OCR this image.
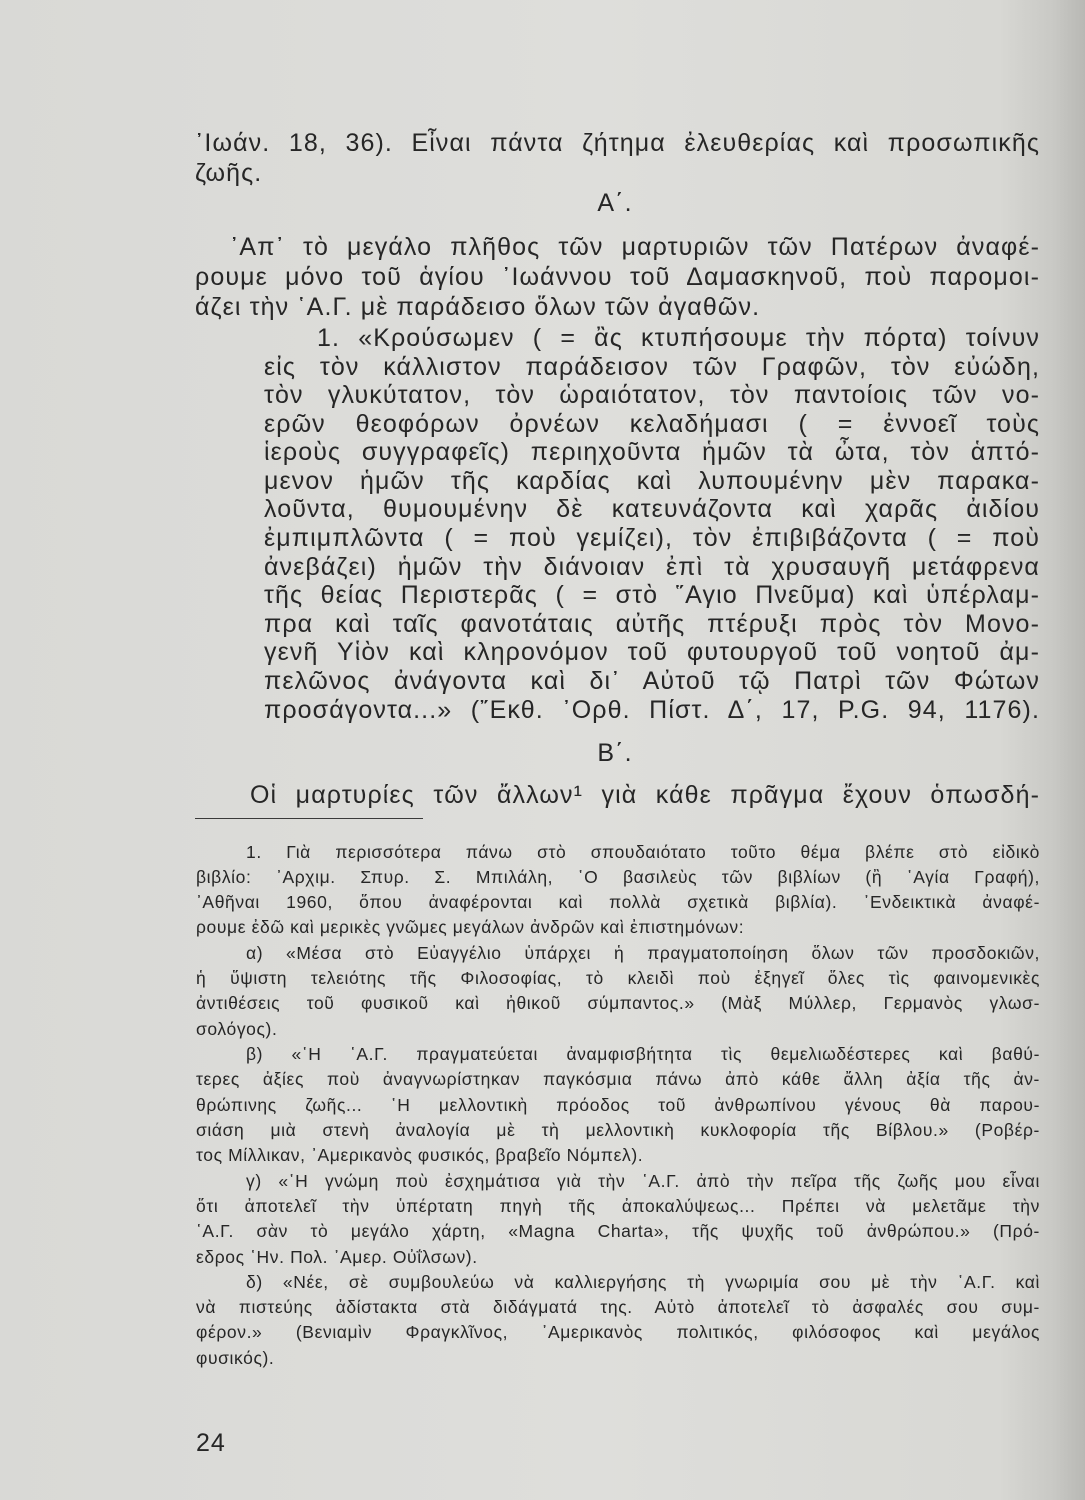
᾿Ιωάν. 18, 36). Εἶναι πάντα ζήτημα ἐλευθερίας καὶ προσωπικῆς
ζωῆς.
Α΄.
᾿Απ᾿ τὸ μεγάλο πλῆθος τῶν μαρτυριῶν τῶν Πατέρων ἀναφέ-
ρουμε μόνο τοῦ ἁγίου ᾿Ιωάννου τοῦ Δαμασκηνοῦ, ποὺ παρομοι-
άζει τὴν ῾Α.Γ. μὲ παράδεισο ὅλων τῶν ἀγαθῶν.
1. «Κρούσωμεν ( = ἂς κτυπήσουμε τὴν πόρτα) τοίνυν
εἰς τὸν κάλλιστον παράδεισον τῶν Γραφῶν, τὸν εὐώδη,
τὸν γλυκύτατον, τὸν ὡραιότατον, τὸν παντοίοις τῶν νο-
ερῶν θεοφόρων ὀρνέων κελαδήμασι ( = ἐννοεῖ τοὺς
ἱεροὺς συγγραφεῖς) περιηχοῦντα ἡμῶν τὰ ὦτα, τὸν ἁπτό-
μενον ἡμῶν τῆς καρδίας καὶ λυπουμένην μὲν παρακα-
λοῦντα, θυμουμένην δὲ κατευνάζοντα καὶ χαρᾶς ἀιδίου
ἐμπιμπλῶντα ( = ποὺ γεμίζει), τὸν ἐπιβιβάζοντα ( = ποὺ
ἀνεβάζει) ἡμῶν τὴν διάνοιαν ἐπὶ τὰ χρυσαυγῆ μετάφρενα
τῆς θείας Περιστερᾶς ( = στὸ ῞Αγιο Πνεῦμα) καὶ ὑπέρλαμ-
πρα καὶ ταῖς φανοτάταις αὐτῆς πτέρυξι πρὸς τὸν Μονο-
γενῆ Υἱὸν καὶ κληρονόμον τοῦ φυτουργοῦ τοῦ νοητοῦ ἀμ-
πελῶνος ἀνάγοντα καὶ δι᾿ Αὐτοῦ τῷ Πατρὶ τῶν Φώτων
προσάγοντα...» (῎Εκθ. ᾿Ορθ. Πίστ. Δ΄, 17, P.G. 94, 1176).
Β΄.
Οἱ μαρτυρίες τῶν ἄλλων¹ γιὰ κάθε πρᾶγμα ἔχουν ὁπωσδή-
1. Γιὰ περισσότερα πάνω στὸ σπουδαιότατο τοῦτο θέμα βλέπε στὸ εἰδικὸ
βιβλίο: ᾿Αρχιμ. Σπυρ. Σ. Μπιλάλη, ῾Ο βασιλεὺς τῶν βιβλίων (ἢ ῾Αγία Γραφή),
᾿Αθῆναι 1960, ὅπου ἀναφέρονται καὶ πολλὰ σχετικὰ βιβλία). ᾿Ενδεικτικὰ ἀναφέ-
ρουμε ἐδῶ καὶ μερικὲς γνῶμες μεγάλων ἀνδρῶν καὶ ἐπιστημόνων:
α) «Μέσα στὸ Εὐαγγέλιο ὑπάρχει ἡ πραγματοποίηση ὅλων τῶν προσδοκιῶν,
ἡ ὕψιστη τελειότης τῆς Φιλοσοφίας, τὸ κλειδὶ ποὺ ἐξηγεῖ ὅλες τὶς φαινομενικὲς
ἀντιθέσεις τοῦ φυσικοῦ καὶ ἠθικοῦ σύμπαντος.» (Μὰξ Μύλλερ, Γερμανὸς γλωσ-
σολόγος).
β) «῾Η ῾Α.Γ. πραγματεύεται ἀναμφισβήτητα τὶς θεμελιωδέστερες καὶ βαθύ-
τερες ἀξίες ποὺ ἀναγνωρίστηκαν παγκόσμια πάνω ἀπὸ κάθε ἄλλη ἀξία τῆς ἀν-
θρώπινης ζωῆς... ῾Η μελλοντικὴ πρόοδος τοῦ ἀνθρωπίνου γένους θὰ παρου-
σιάση μιὰ στενὴ ἀναλογία μὲ τὴ μελλοντικὴ κυκλοφορία τῆς Βίβλου.» (Ροβέρ-
τος Μίλλικαν, ᾿Αμερικανὸς φυσικός, βραβεῖο Νόμπελ).
γ) «῾Η γνώμη ποὺ ἐσχημάτισα γιὰ τὴν ῾Α.Γ. ἀπὸ τὴν πεῖρα τῆς ζωῆς μου εἶναι
ὅτι ἀποτελεῖ τὴν ὑπέρτατη πηγὴ τῆς ἀποκαλύψεως... Πρέπει νὰ μελετᾶμε τὴν
῾Α.Γ. σὰν τὸ μεγάλο χάρτη, «Magna Charta», τῆς ψυχῆς τοῦ ἀνθρώπου.» (Πρό-
εδρος ῾Ην. Πολ. ᾿Αμερ. Οὐΐλσων).
δ) «Νέε, σὲ συμβουλεύω νὰ καλλιεργήσης τὴ γνωριμία σου μὲ τὴν ῾Α.Γ. καὶ
νὰ πιστεύης ἀδίστακτα στὰ διδάγματά της. Αὐτὸ ἀποτελεῖ τὸ ἀσφαλές σου συμ-
φέρον.» (Βενιαμὶν Φραγκλῖνος, ᾿Αμερικανὸς πολιτικός, φιλόσοφος καὶ μεγάλος
φυσικός).
24
